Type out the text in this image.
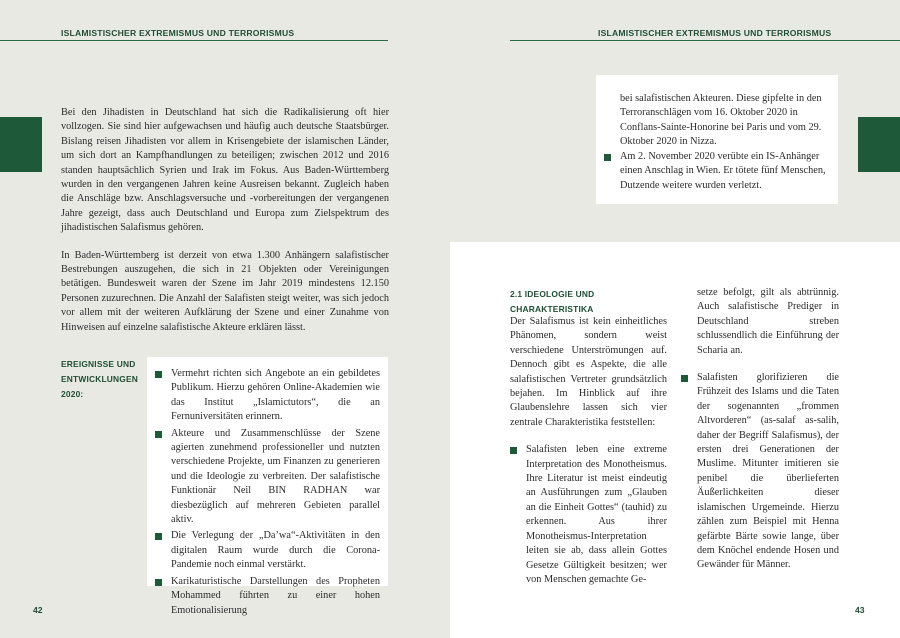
ISLAMISTISCHER EXTREMISMUS UND TERRORISMUS

Bei den Jihadisten in Deutschland hat sich die Radikalisierung oft hier vollzogen. Sie sind hier aufgewachsen und häufig auch deutsche Staatsbürger. Bislang reisen Jihadisten vor allem in Krisengebiete der islamischen Länder, um sich dort an Kampfhandlungen zu beteiligen; zwischen 2012 und 2016 standen hauptsächlich Syrien und Irak im Fokus. Aus Baden-Württemberg wurden in den vergangenen Jahren keine Ausreisen bekannt. Zugleich haben die Anschläge bzw. Anschlagsversuche und -vorbereitungen der vergangenen Jahre gezeigt, dass auch Deutschland und Europa zum Zielspektrum des jihadistischen Salafismus gehören.

In Baden-Württemberg ist derzeit von etwa 1.300 Anhängern salafistischer Bestrebungen auszugehen, die sich in 21 Objekten oder Vereinigungen betätigen. Bundesweit waren der Szene im Jahr 2019 mindestens 12.150 Personen zuzurechnen. Die Anzahl der Salafisten steigt weiter, was sich jedoch vor allem mit der weiteren Aufklärung der Szene und einer Zunahme von Hinweisen auf einzelne salafistische Akteure erklären lässt.

EREIGNISSE UND
ENTWICKLUNGEN
2020:
Vermehrt richten sich Angebote an ein gebildetes Publikum. Hierzu gehören Online-Akademien wie das Institut „Islamictutors“, die an Fernuniversitäten erinnern.
Akteure und Zusammenschlüsse der Szene agierten zunehmend professioneller und nutzten verschiedene Projekte, um Finanzen zu generieren und die Ideologie zu verbreiten. Der salafistische Funktionär Neil BIN RADHAN war diesbezüglich auf mehreren Gebieten parallel aktiv.
Die Verlegung der „Da’wa“-Aktivitäten in den digitalen Raum wurde durch die Corona-Pandemie noch einmal verstärkt.
Karikaturistische Darstellungen des Propheten Mohammed führten zu einer hohen Emotionalisierung
42
ISLAMISTISCHER EXTREMISMUS UND TERRORISMUS
bei salafistischen Akteuren. Diese gipfelte in den Terroranschlägen vom 16. Oktober 2020 in Conflans-Sainte-Honorine bei Paris und vom 29. Oktober 2020 in Nizza.
Am 2. November 2020 verübte ein IS-Anhänger einen Anschlag in Wien. Er tötete fünf Menschen, Dutzende weitere wurden verletzt.
2.1 IDEOLOGIE UND
CHARAKTERISTIKA

Der Salafismus ist kein einheitliches Phänomen, sondern weist verschiedene Unterströmungen auf. Dennoch gibt es Aspekte, die alle salafistischen Vertreter grundsätzlich bejahen. Im Hinblick auf ihre Glaubenslehre lassen sich vier zentrale Charakteristika feststellen:

Salafisten leben eine extreme Interpretation des Monotheismus. Ihre Literatur ist meist eindeutig an Ausführungen zum „Glauben an die Einheit Gottes“ (tauhid) zu erkennen. Aus ihrer Monotheismus-Interpretation leiten sie ab, dass allein Gottes Gesetze Gültigkeit besitzen; wer von Menschen gemachte Ge-

setze befolgt, gilt als abtrünnig. Auch salafistische Prediger in Deutschland streben schlussendlich die Einführung der Scharia an.

Salafisten glorifizieren die Frühzeit des Islams und die Taten der sogenannten „frommen Altvorderen“ (as-salaf as-salih, daher der Begriff Salafismus), der ersten drei Generationen der Muslime. Mitunter imitieren sie penibel die überlieferten Äußerlichkeiten dieser islamischen Urgemeinde. Hierzu zählen zum Beispiel mit Henna gefärbte Bärte sowie lange, über dem Knöchel endende Hosen und Gewänder für Männer.
43
